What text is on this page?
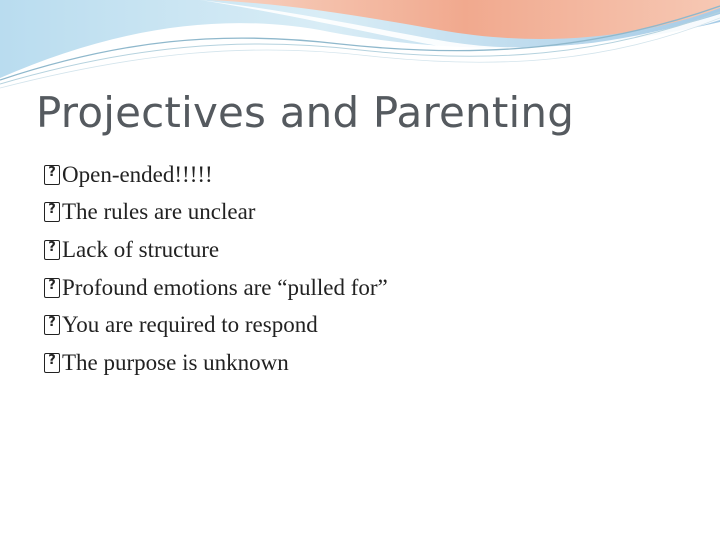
Projectives and Parenting
?
Open-ended!!!!!
?
The rules are unclear
?
Lack of structure
?
Profound emotions are “pulled for”
?
You are required to respond
?
The purpose is unknown
